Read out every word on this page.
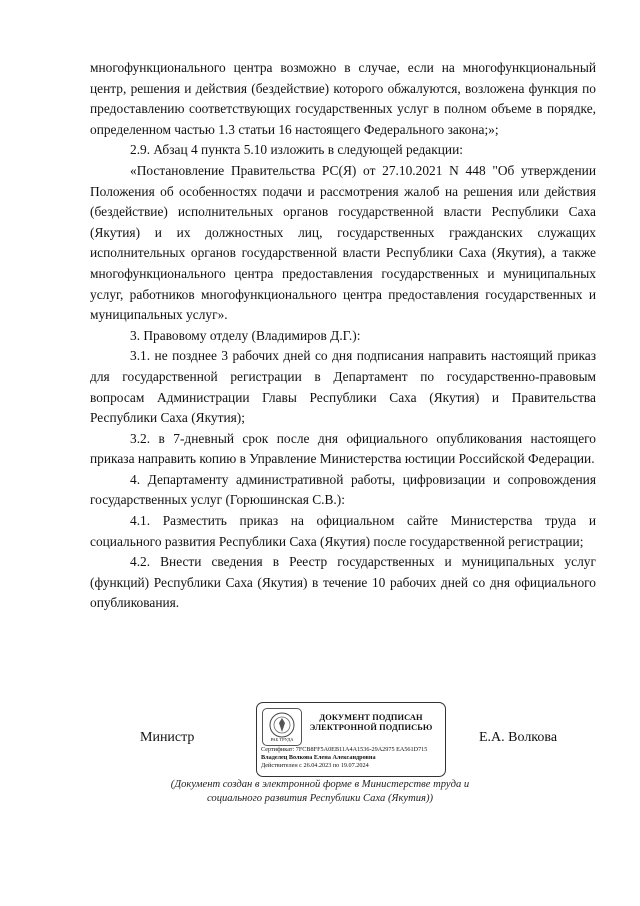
многофункционального центра возможно в случае, если на многофункциональный центр, решения и действия (бездействие) которого обжалуются, возложена функция по предоставлению соответствующих государственных услуг в полном объеме в порядке, определенном частью 1.3 статьи 16 настоящего Федерального закона;»;

2.9. Абзац 4 пункта 5.10 изложить в следующей редакции:

«Постановление Правительства РС(Я) от 27.10.2021 N 448 "Об утверждении Положения об особенностях подачи и рассмотрения жалоб на решения или действия (бездействие) исполнительных органов государственной власти Республики Саха (Якутия) и их должностных лиц, государственных гражданских служащих исполнительных органов государственной власти Республики Саха (Якутия), а также многофункционального центра предоставления государственных и муниципальных услуг, работников многофункционального центра предоставления государственных и муниципальных услуг».

3. Правовому отделу (Владимиров Д.Г.):

3.1. не позднее 3 рабочих дней со дня подписания направить настоящий приказ для государственной регистрации в Департамент по государственно-правовым вопросам Администрации Главы Республики Саха (Якутия) и Правительства Республики Саха (Якутия);

3.2. в 7-дневный срок после дня официального опубликования настоящего приказа направить копию в Управление Министерства юстиции Российской Федерации.

4. Департаменту административной работы, цифровизации и сопровождения государственных услуг (Горюшинская С.В.):

4.1. Разместить приказ на официальном сайте Министерства труда и социального развития Республики Саха (Якутия) после государственной регистрации;

4.2. Внести сведения в Реестр государственных и муниципальных услуг (функций) Республики Саха (Якутия) в течение 10 рабочих дней со дня официального опубликования.

Министр	РАБ ТРУДА
ДОКУМЕНТ ПОДПИСАН
ЭЛЕКТРОННОЙ ПОДПИСЬЮ
Сертификат: 7FCB8FF5A0EB11A4A1536-29A2975 EA561D715
Владелец Волкова Елена Александровна
Действителен с 26.04.2023 по 19.07.2024
Е.А. Волкова
(Документ создан в электронной форме в Министерстве труда и
социального развития Республики Саха (Якутия))
